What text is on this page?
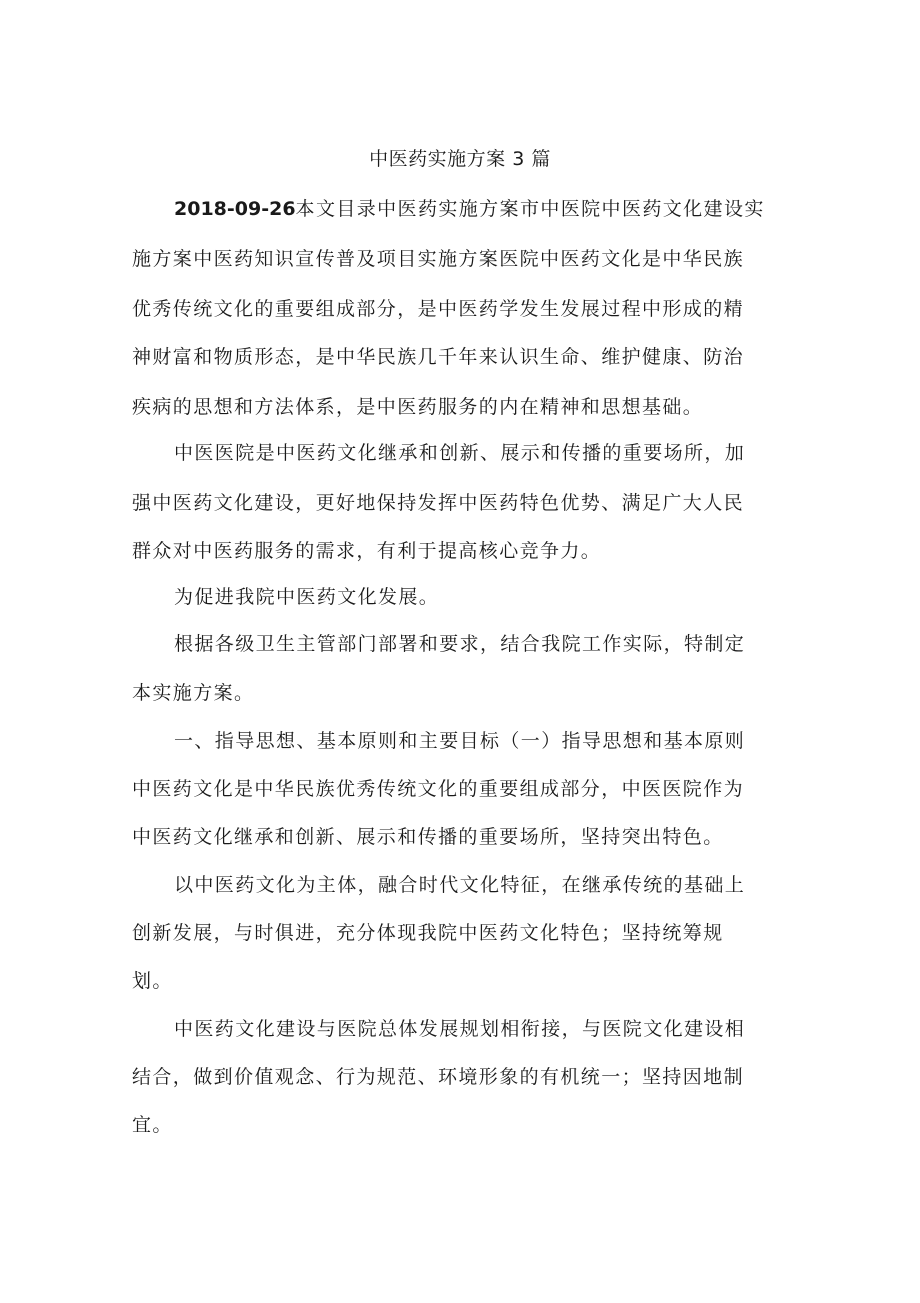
中医药实施方案 3 篇
2018-09-26本文目录中医药实施方案市中医院中医药文化建设实
施方案中医药知识宣传普及项目实施方案医院中医药文化是中华民族
优秀传统文化的重要组成部分，是中医药学发生发展过程中形成的精
神财富和物质形态，是中华民族几千年来认识生命、维护健康、防治
疾病的思想和方法体系，是中医药服务的内在精神和思想基础。
中医医院是中医药文化继承和创新、展示和传播的重要场所，加
强中医药文化建设，更好地保持发挥中医药特色优势、满足广大人民
群众对中医药服务的需求，有利于提高核心竞争力。
为促进我院中医药文化发展。
根据各级卫生主管部门部署和要求，结合我院工作实际，特制定
本实施方案。
一、指导思想、基本原则和主要目标（一）指导思想和基本原则
中医药文化是中华民族优秀传统文化的重要组成部分，中医医院作为
中医药文化继承和创新、展示和传播的重要场所，坚持突出特色。
以中医药文化为主体，融合时代文化特征，在继承传统的基础上
创新发展，与时俱进，充分体现我院中医药文化特色；坚持统筹规
划。
中医药文化建设与医院总体发展规划相衔接，与医院文化建设相
结合，做到价值观念、行为规范、环境形象的有机统一；坚持因地制
宜。
